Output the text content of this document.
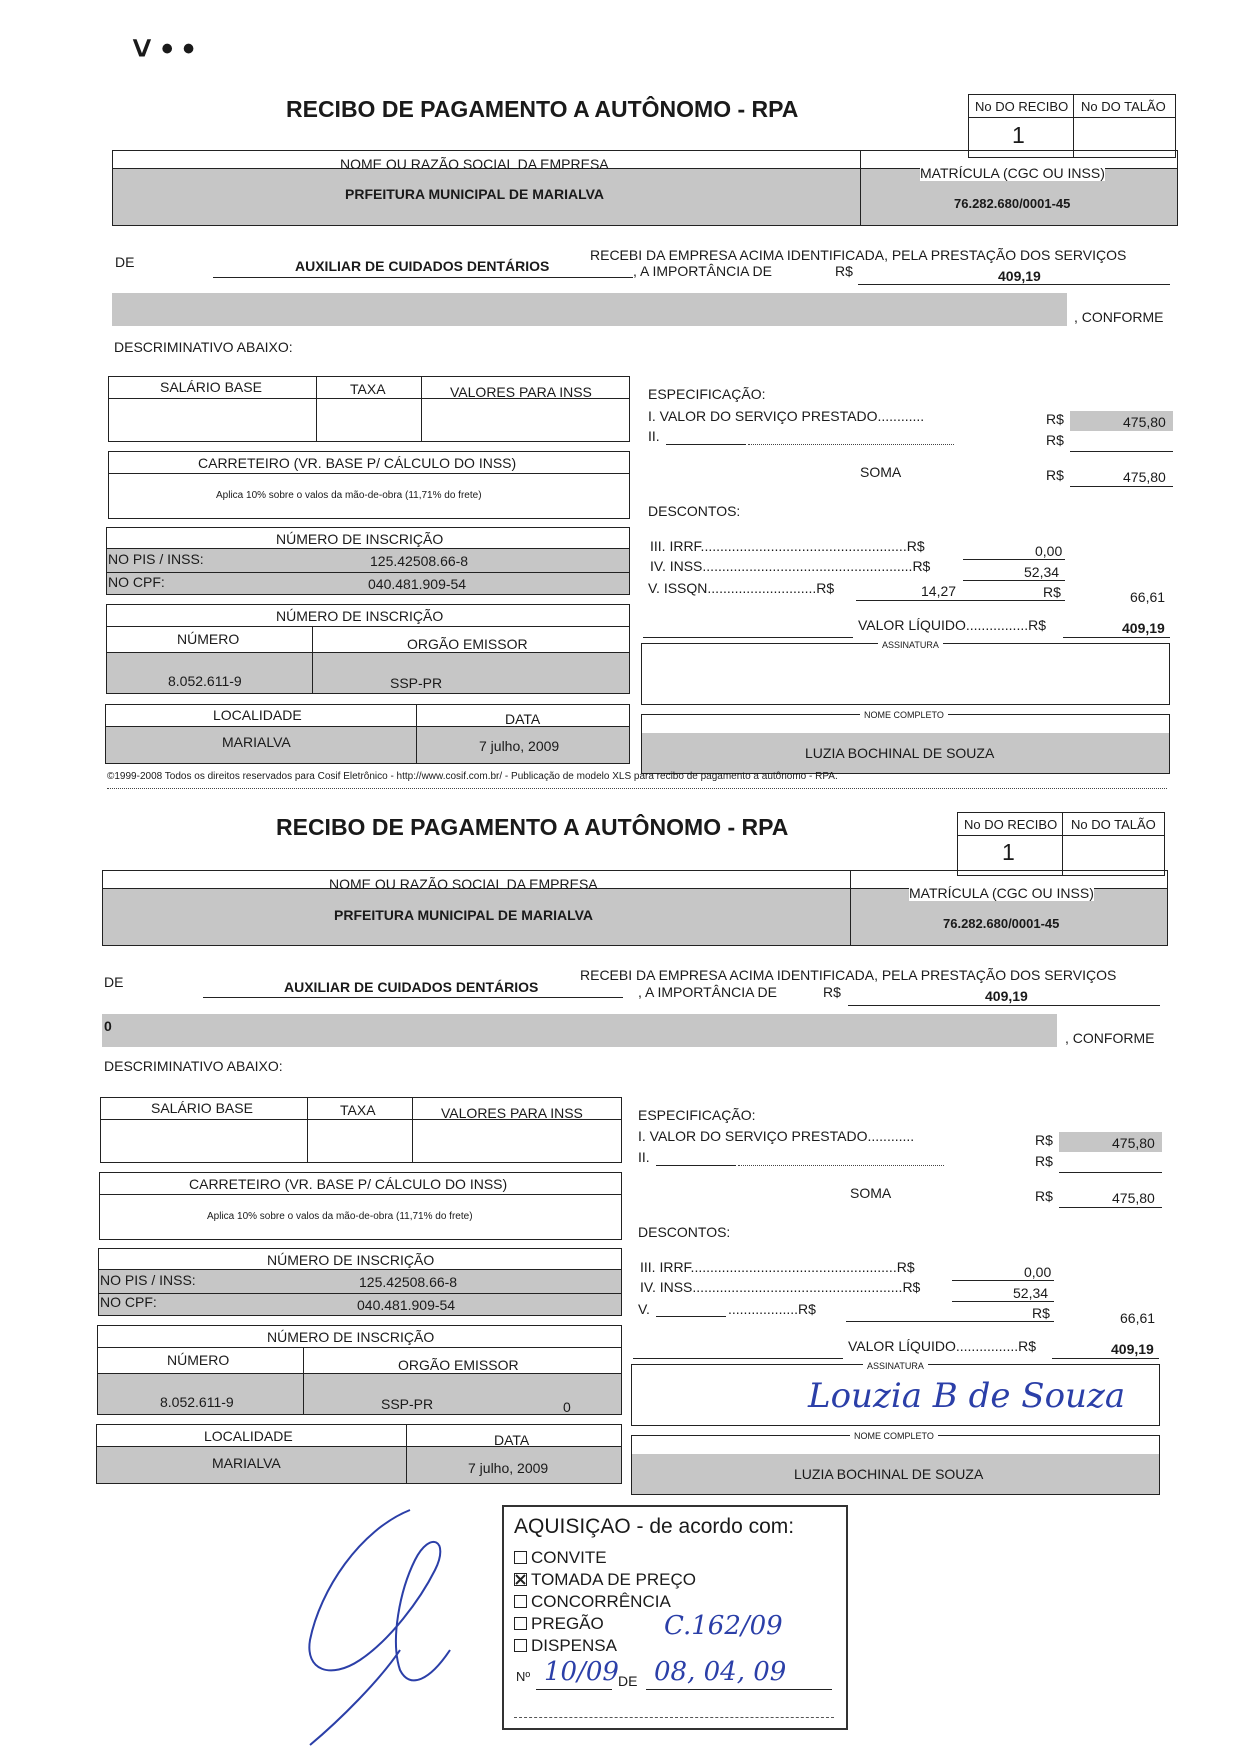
˅ • •
RECIBO DE PAGAMENTO A AUTÔNOMO - RPA	No DO RECIBO No DO TALÃO
1
NOME OU RAZÃO SOCIAL DA EMPRESA
PRFEITURA MUNICIPAL DE MARIALVA
MATRÍCULA (CGC OU INSS)
76.282.680/0001-45
DE	AUXILIAR DE CUIDADOS DENTÁRIOS
RECEBI DA EMPRESA ACIMA IDENTIFICADA, PELA PRESTAÇÃO DOS SERVIÇOS
, A IMPORTÂNCIA DE	R$	409,19
, CONFORME
DESCRIMINATIVO ABAIXO:
SALÁRIO BASE	TAXA	VALORES PARA INSS
CARRETEIRO (VR. BASE P/ CÁLCULO DO INSS)
Aplica 10% sobre o valos da mão-de-obra (11,71% do frete)
NÚMERO DE INSCRIÇÃO
NO PIS / INSS:	125.42508.66-8
NO CPF:	040.481.909-54
NÚMERO DE INSCRIÇÃO
NÚMERO	ORGÃO EMISSOR
8.052.611-9	SSP-PR
LOCALIDADE	DATA
MARIALVA	7 julho, 2009
ESPECIFICAÇÃO:
I. VALOR DO SERVIÇO PRESTADO............	R$	475,80
II.	R$
SOMA	R$	475,80
DESCONTOS:
III. IRRF.....................................................R$	0,00
IV. INSS......................................................R$	52,34
V. ISSQN............................R$	14,27	R$	66,61
VALOR LÍQUIDO................R$	409,19
ASSINATURA
NOME COMPLETO
LUZIA BOCHINAL DE SOUZA
©1999-2008 Todos os direitos reservados para Cosif Eletrônico - http://www.cosif.com.br/ - Publicação de modelo XLS para recibo de pagamento a autônomo - RPA.
RECIBO DE PAGAMENTO A AUTÔNOMO - RPA	No DO RECIBO No DO TALÃO
1
NOME OU RAZÃO SOCIAL DA EMPRESA
PRFEITURA MUNICIPAL DE MARIALVA
MATRÍCULA (CGC OU INSS)
76.282.680/0001-45
DE	AUXILIAR DE CUIDADOS DENTÁRIOS
RECEBI DA EMPRESA ACIMA IDENTIFICADA, PELA PRESTAÇÃO DOS SERVIÇOS
, A IMPORTÂNCIA DE	R$	409,19
0
, CONFORME
DESCRIMINATIVO ABAIXO:
SALÁRIO BASE	TAXA	VALORES PARA INSS
CARRETEIRO (VR. BASE P/ CÁLCULO DO INSS)
Aplica 10% sobre o valos da mão-de-obra (11,71% do frete)
NÚMERO DE INSCRIÇÃO
NO PIS / INSS:	125.42508.66-8
NO CPF:	040.481.909-54
NÚMERO DE INSCRIÇÃO
NÚMERO	ORGÃO EMISSOR
8.052.611-9	SSP-PR	0
LOCALIDADE	DATA
MARIALVA	7 julho, 2009
ESPECIFICAÇÃO:
I. VALOR DO SERVIÇO PRESTADO............	R$	475,80
II.	R$
SOMA	R$	475,80
DESCONTOS:
III. IRRF.....................................................R$	0,00
IV. INSS......................................................R$	52,34
V.	..................R$	R$	66,61
VALOR LÍQUIDO................R$	409,19
ASSINATURA
Louzia B de Souza
NOME COMPLETO
LUZIA BOCHINAL DE SOUZA
AQUISIÇAO - de acordo com:
CONVITE
TOMADA DE PREÇO
CONCORRÊNCIA
PREGÃO
DISPENSA
C.162/09
Nº 10/09 DE 08, 04, 09
